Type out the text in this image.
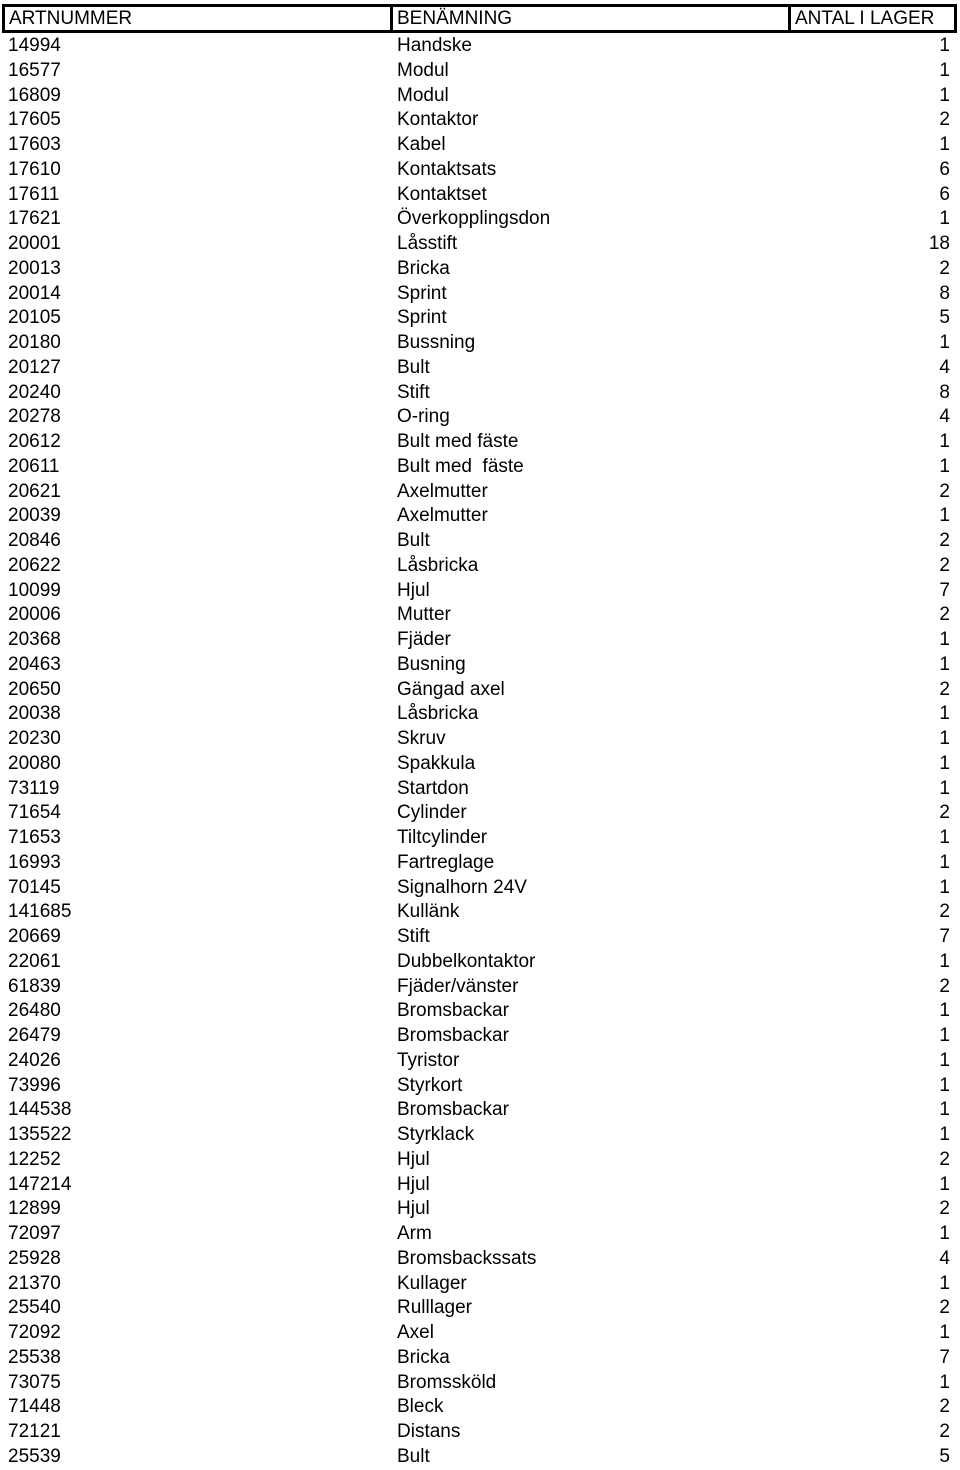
ARTNUMMER	BENÄMNING	ANTAL I LAGER
14994	Handske	1
16577	Modul	1
16809	Modul	1
17605	Kontaktor	2
17603	Kabel	1
17610	Kontaktsats	6
17611	Kontaktset	6
17621	Överkopplingsdon	1
20001	Låsstift	18
20013	Bricka	2
20014	Sprint	8
20105	Sprint	5
20180	Bussning	1
20127	Bult	4
20240	Stift	8
20278	O-ring	4
20612	Bult med fäste	1
20611	Bult med  fäste	1
20621	Axelmutter	2
20039	Axelmutter	1
20846	Bult	2
20622	Låsbricka	2
10099	Hjul	7
20006	Mutter	2
20368	Fjäder	1
20463	Busning	1
20650	Gängad axel	2
20038	Låsbricka	1
20230	Skruv	1
20080	Spakkula	1
73119	Startdon	1
71654	Cylinder	2
71653	Tiltcylinder	1
16993	Fartreglage	1
70145	Signalhorn 24V	1
141685	Kullänk	2
20669	Stift	7
22061	Dubbelkontaktor	1
61839	Fjäder/vänster	2
26480	Bromsbackar	1
26479	Bromsbackar	1
24026	Tyristor	1
73996	Styrkort	1
144538	Bromsbackar	1
135522	Styrklack	1
12252	Hjul	2
147214	Hjul	1
12899	Hjul	2
72097	Arm	1
25928	Bromsbackssats	4
21370	Kullager	1
25540	Rulllager	2
72092	Axel	1
25538	Bricka	7
73075	Bromssköld	1
71448	Bleck	2
72121	Distans	2
25539	Bult	5
